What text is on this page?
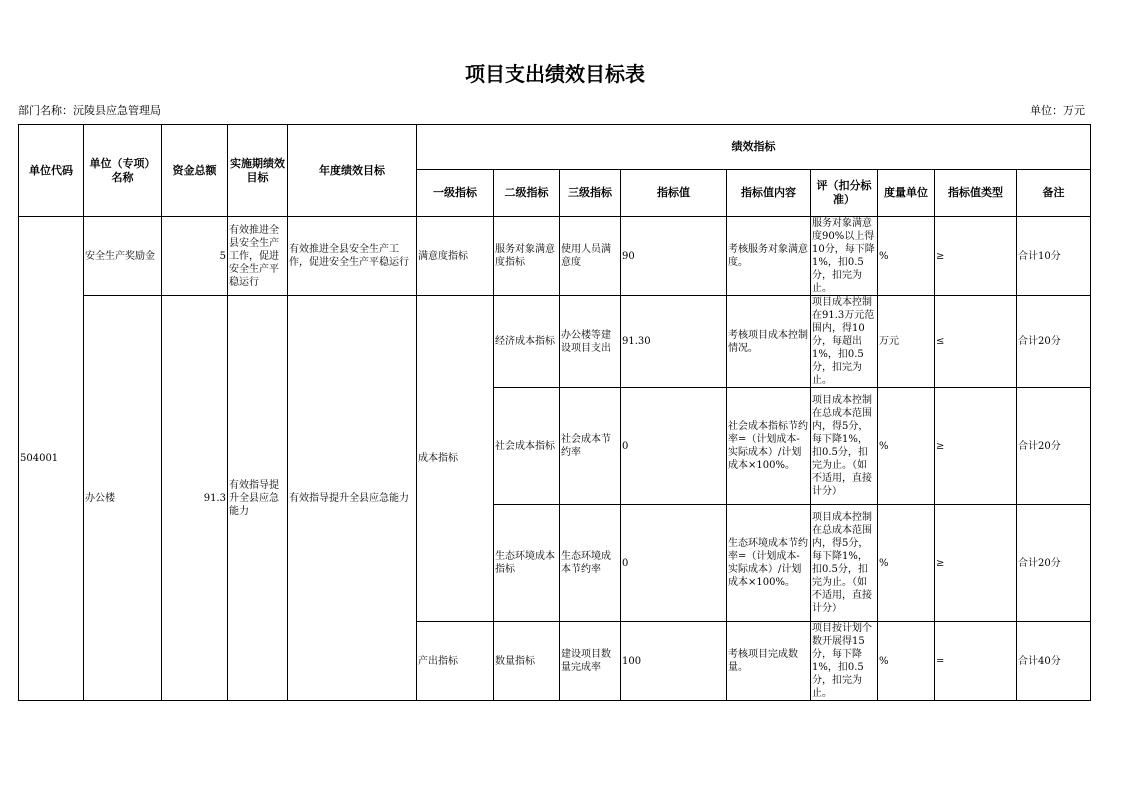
项目支出绩效目标表
部门名称：沅陵县应急管理局	单位：万元
单位代码	单位（专项）名称	资金总额	实施期绩效目标	年度绩效目标	绩效指标								
					一级指标	二级指标	三级指标	指标值	指标值内容	评（扣分标准）	度量单位	指标值类型	备注
504001	安全生产奖励金	5	有效推进全县安全生产工作，促进安全生产平稳运行	有效推进全县安全生产工作，促进安全生产平稳运行	满意度指标	服务对象满意度指标	使用人员满意度	90	考核服务对象满意度。	服务对象满意度90%以上得10分，每下降1%，扣0.5分，扣完为止。	%	≥	合计10分
	办公楼	91.3	有效指导提升全县应急能力	有效指导提升全县应急能力	成本指标	经济成本指标	办公楼等建设项目支出	91.30	考核项目成本控制情况。	项目成本控制在91.3万元范围内，得10分，每超出1%，扣0.5分，扣完为止。	万元	≤	合计20分
						社会成本指标	社会成本节约率	0	社会成本指标节约率=（计划成本-实际成本）/计划成本×100%。	项目成本控制在总成本范围内，得5分，每下降1%，扣0.5分，扣完为止。（如不适用，直接计分）	%	≥	合计20分
						生态环境成本指标	生态环境成本节约率	0	生态环境成本节约率=（计划成本-实际成本）/计划成本×100%。	项目成本控制在总成本范围内，得5分，每下降1%，扣0.5分，扣完为止。（如不适用，直接计分）	%	≥	合计20分
					产出指标	数量指标	建设项目数量完成率	100	考核项目完成数量。	项目按计划个数开展得15分，每下降1%，扣0.5分，扣完为止。	%	=	合计40分
